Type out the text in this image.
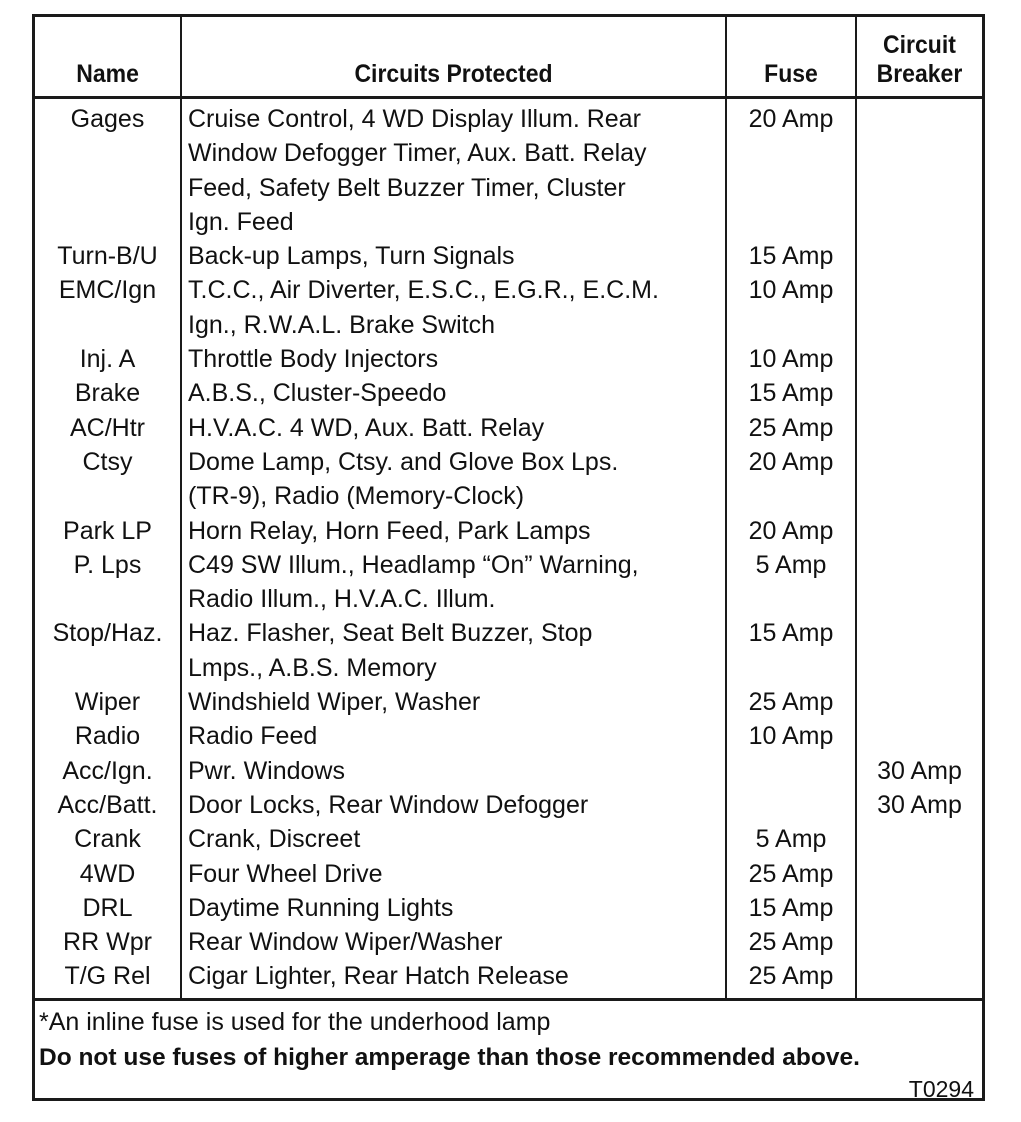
Name	Circuits Protected	Fuse	Circuit
Breaker
Gages	Cruise Control, 4 WD Display Illum. Rear
Window Defogger Timer, Aux. Batt. Relay
Feed, Safety Belt Buzzer Timer, Cluster
Ign. Feed	20 Amp	
Turn-B/U	Back-up Lamps, Turn Signals	15 Amp	
EMC/Ign	T.C.C., Air Diverter, E.S.C., E.G.R., E.C.M.
Ign., R.W.A.L. Brake Switch	10 Amp	
Inj. A	Throttle Body Injectors	10 Amp	
Brake	A.B.S., Cluster-Speedo	15 Amp	
AC/Htr	H.V.A.C. 4 WD, Aux. Batt. Relay	25 Amp	
Ctsy	Dome Lamp, Ctsy. and Glove Box Lps.
(TR-9), Radio (Memory-Clock)	20 Amp	
Park LP	Horn Relay, Horn Feed, Park Lamps	20 Amp	
P. Lps	C49 SW Illum., Headlamp “On” Warning,
Radio Illum., H.V.A.C. Illum.	5 Amp	
Stop/Haz.	Haz. Flasher, Seat Belt Buzzer, Stop
Lmps., A.B.S. Memory	15 Amp	
Wiper	Windshield Wiper, Washer	25 Amp	
Radio	Radio Feed	10 Amp	
Acc/Ign.	Pwr. Windows		30 Amp
Acc/Batt.	Door Locks, Rear Window Defogger		30 Amp
Crank	Crank, Discreet	5 Amp	
4WD	Four Wheel Drive	25 Amp	
DRL	Daytime Running Lights	15 Amp	
RR Wpr	Rear Window Wiper/Washer	25 Amp	
T/G Rel	Cigar Lighter, Rear Hatch Release	25 Amp	
*An inline fuse is used for the underhood lamp
Do not use fuses of higher amperage than those recommended above.
T0294
